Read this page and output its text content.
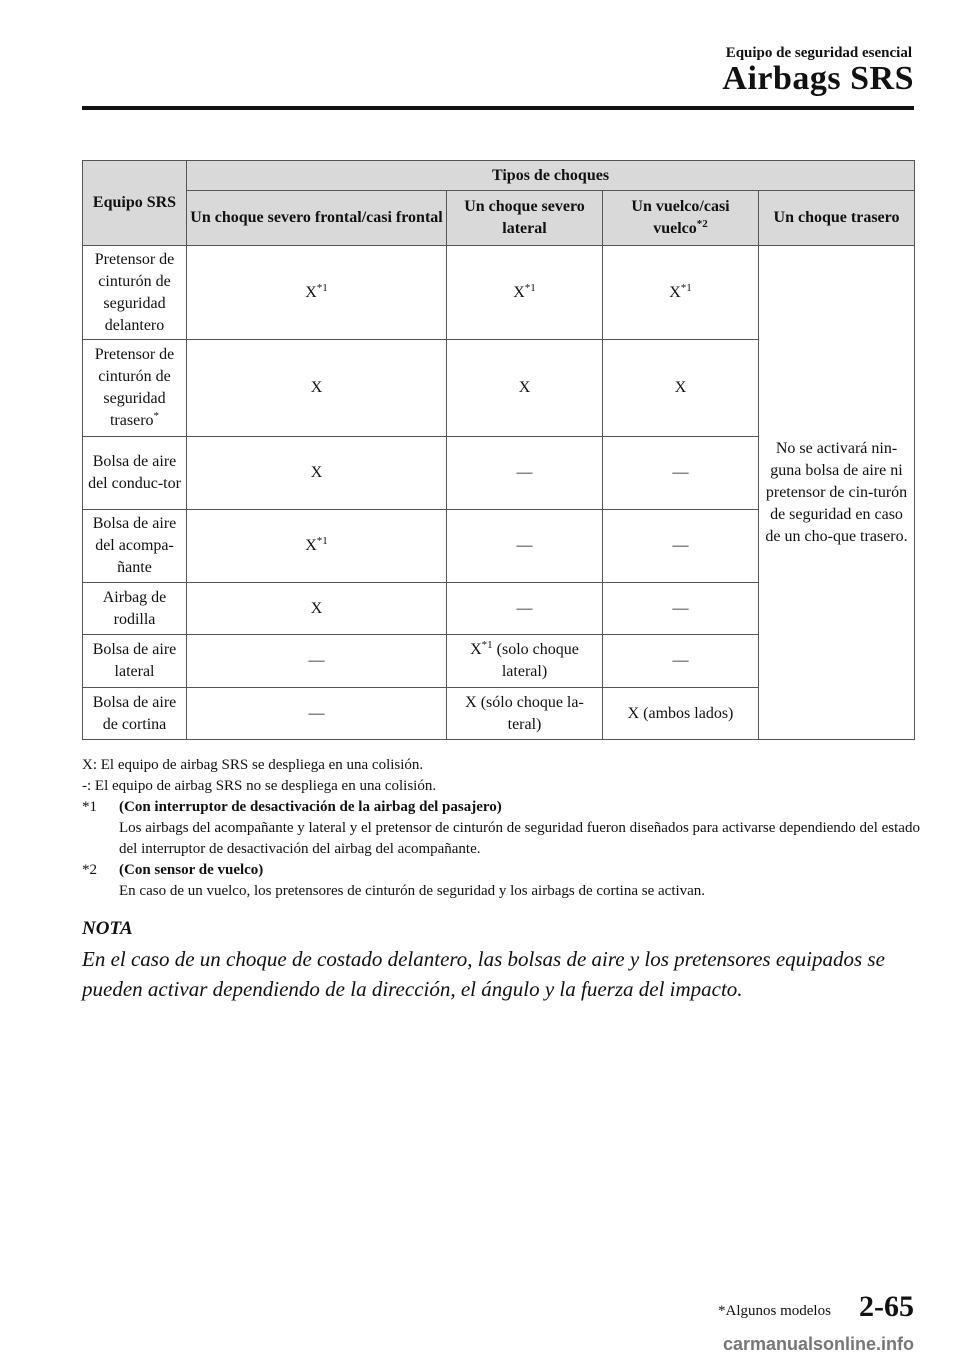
Equipo de seguridad esencial
Airbags SRS
Equipo SRS	Tipos de choques			
	Un choque severo frontal/casi frontal	Un choque severo lateral	Un vuelco/casi vuelco$^{*2}$	Un choque trasero
Pretensor de cinturón de seguridad delantero	$X^{*1}$	$X^{*1}$	$X^{*1}$	No se activará nin-guna bolsa de aire ni pretensor de cin-turón de seguridad en caso de un cho-que trasero.
Pretensor de cinturón de seguridad trasero*	X	X	X	
Bolsa de aire del conduc-tor	X	—	—	
Bolsa de aire del acompa-ñante	$X^{*1}$	—	—	
Airbag de rodilla	X	—	—	
Bolsa de aire lateral	—	$X^{*1}$ (solo choque lateral)	—	
Bolsa de aire de cortina	—	X (sólo choque la-teral)	X (ambos lados)	
X: El equipo de airbag SRS se despliega en una colisión.
-: El equipo de airbag SRS no se despliega en una colisión.
*1 (Con interruptor de desactivación de la airbag del pasajero)
Los airbags del acompañante y lateral y el pretensor de cinturón de seguridad fueron diseñados para activarse dependiendo del estado del interruptor de desactivación del airbag del acompañante.
*2 (Con sensor de vuelco)
En caso de un vuelco, los pretensores de cinturón de seguridad y los airbags de cortina se activan.
NOTA
En el caso de un choque de costado delantero, las bolsas de aire y los pretensores equipados se pueden activar dependiendo de la dirección, el ángulo y la fuerza del impacto.
*Algunos modelos 2-65
carmanualsonline.info
